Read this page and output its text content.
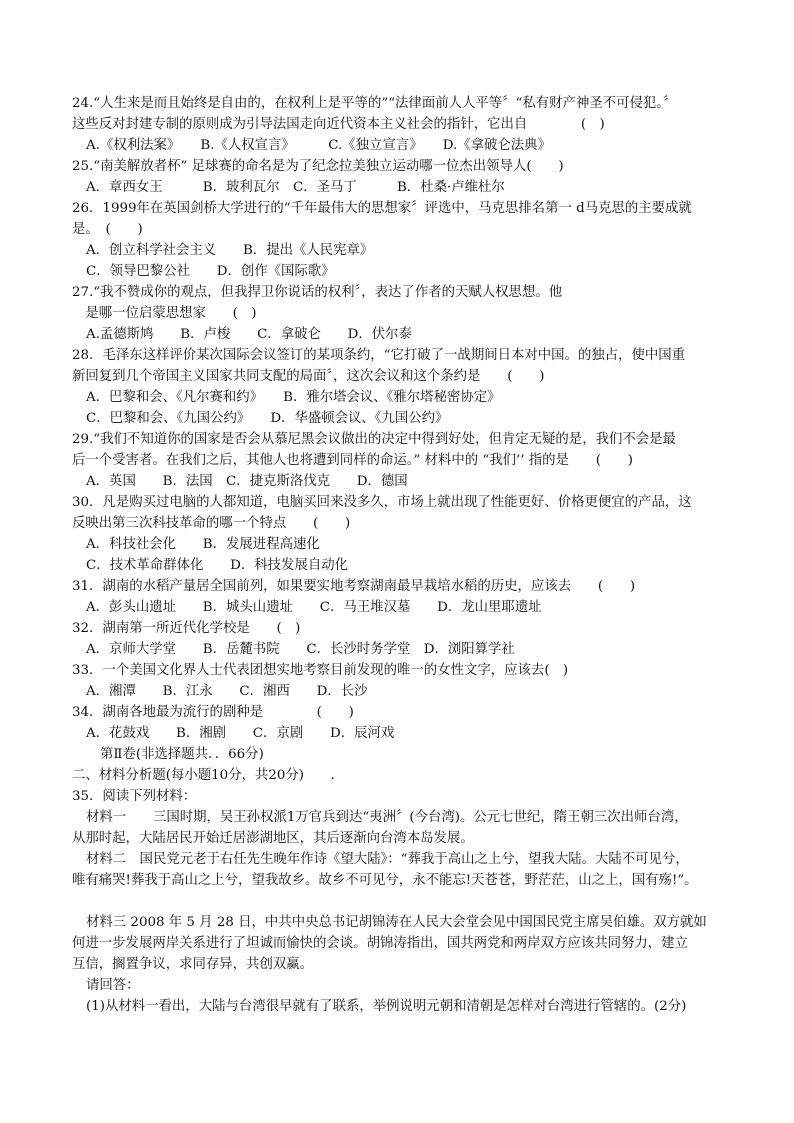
24.“人生来是而且始终是自由的，在权利上是平等的”“法律面前人人平等〞“私有财产神圣不可侵犯。〞
这些反对封建专制的原则成为引导法国走向近代资本主义社会的指针，它出自　　　　(　)
A.《权利法案》　　B.《人权宣言》　　　C.《独立宣言》　　D.《拿破仑法典》
25.“南美解放者杯” 足球赛的命名是为了纪念拉美独立运动哪一位杰出领导人(　　)
A．章西女王　　　B．玻利瓦尔　C．圣马丁　　　B．杜桑·卢维杜尔
26．1999年在英国剑桥大学进行的“千年最伟大的思想家〞评选中，马克思排名第一 d马克思的主要成就
是。　(　　)
A．创立科学社会主义　　B．提出《人民宪章》
C．领导巴黎公社　　D．创作《国际歌》
27.“我不赞成你的观点，但我捍卫你说话的权利〞，表达了作者的天赋人权思想。他
　是哪一位启蒙思想家　　(　)
A.孟德斯鸠　　B．卢梭　　C．拿破仑　　D．伏尔泰
28．毛泽东这样评价某次国际会议签订的某项条约，“它打破了一战期间日本对中国。的独占，使中国重
新回复到几个帝国主义国家共同支配的局面〞，这次会议和这个条约是　　(　　)
A．巴黎和会、《凡尔赛和约》　　B．雅尔塔会议、《雅尔塔秘密协定》
C．巴黎和会、《九国公约》　　D．华盛顿会议、《九国公约》
29.“我们不知道你的国家是否会从慕尼黑会议做出的决定中得到好处，但肯定无疑的是，我们不会是最
后一个受害者。在我们之后，其他人也将遭到同样的命运。” 材料中的 “我们’’ 指的是　　(　　)
A．英国　　B．法国　C．捷克斯洛伐克　　D．德国
30．凡是购买过电脑的人都知道，电脑买回来没多久，市场上就出现了性能更好、价格更便宜的产品，这
反映出第三次科技革命的哪一个特点　　(　　)
A．科技社会化　　B．发展进程高速化
C．技术革命群体化　　D．科技发展自动化
31．湖南的水稻产量居全国前列，如果要实地考察湖南最早栽培水稻的历史，应该去　　(　　)
A．彭头山遗址　　B．城头山遗址　　C．马王堆汉墓　　D．龙山里耶遗址
32．湖南第一所近代化学校是　　(　)
A．京师大学堂　　B．岳麓书院　　C．长沙时务学堂　D．浏阳算学社
33．一个美国文化界人士代表团想实地考察目前发现的唯一的女性文字，应该去(　)
A．湘潭　　B．江永　　C．湘西　　D．长沙
34．湖南各地最为流行的剧种是　　　　(　　)
A．花鼓戏　　B．湘剧　　C．京剧　　D．辰河戏
第Ⅱ卷(非选择题共．．66分)
二、材料分析题(每小题10分，共20分)　　．
35．阅读下列材料：
材料一　　三国时期，吴王孙权派1万官兵到达“夷洲〞(今台湾)。公元七世纪，隋王朝三次出师台湾，
从那时起，大陆居民开始迁居澎湖地区，其后逐渐向台湾本岛发展。
材料二　国民党元老于右任先生晚年作诗《望大陆》：“葬我于高山之上兮，望我大陆。大陆不可见兮，
唯有痛哭!葬我于高山之上兮，望我故乡。故乡不可见兮，永不能忘!天苍苍，野茫茫，山之上，国有殇!”。
材料三 2008 年 5 月 28 日，中共中央总书记胡锦涛在人民大会堂会见中国国民党主席吴伯雄。双方就如
何进一步发展两岸关系进行了坦诚而愉快的会谈。胡锦涛指出，国共两党和两岸双方应该共同努力，建立
互信，搁置争议，求同存异，共创双赢。
请回答：
(1)从材料一看出，大陆与台湾很早就有了联系，举例说明元朝和清朝是怎样对台湾进行管辖的。(2分)
